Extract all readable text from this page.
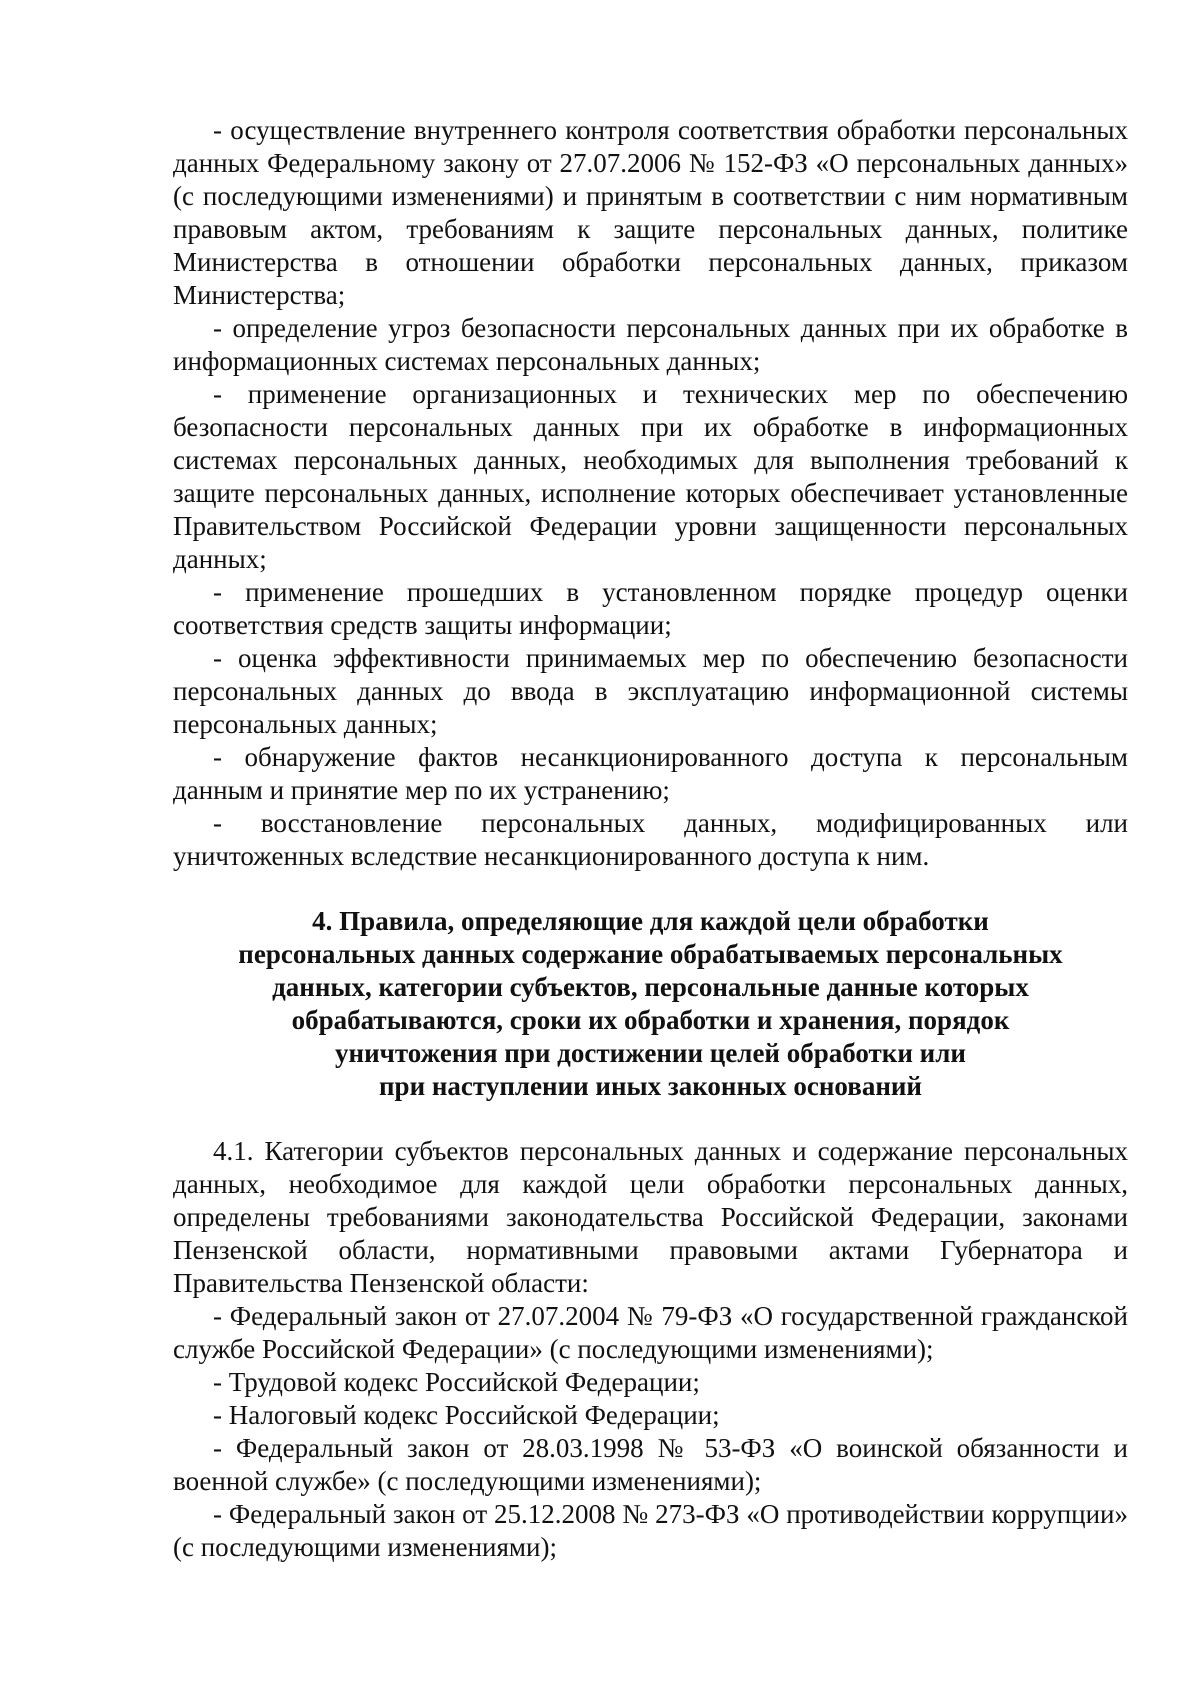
- осуществление внутреннего контроля соответствия обработки персональных данных Федеральному закону от 27.07.2006 № 152-ФЗ «О персональных данных» (с последующими изменениями) и принятым в соответствии с ним нормативным правовым актом, требованиям к защите персональных данных, политике Министерства в отношении обработки персональных данных, приказом Министерства;

- определение угроз безопасности персональных данных при их обработке в информационных системах персональных данных;

- применение организационных и технических мер по обеспечению безопасности персональных данных при их обработке в информационных системах персональных данных, необходимых для выполнения требований к защите персональных данных, исполнение которых обеспечивает установленные Правительством Российской Федерации уровни защищенности персональных данных;

- применение прошедших в установленном порядке процедур оценки соответствия средств защиты информации;

- оценка эффективности принимаемых мер по обеспечению безопасности персональных данных до ввода в эксплуатацию информационной системы персональных данных;

- обнаружение фактов несанкционированного доступа к персональным данным и принятие мер по их устранению;

- восстановление персональных данных, модифицированных или уничтоженных вследствие несанкционированного доступа к ним.

4. Правила, определяющие для каждой цели обработки
персональных данных содержание обрабатываемых персональных
данных, категории субъектов, персональные данные которых
обрабатываются, сроки их обработки и хранения, порядок
уничтожения при достижении целей обработки или
при наступлении иных законных оснований

4.1. Категории субъектов персональных данных и содержание персональных данных, необходимое для каждой цели обработки персональных данных, определены требованиями законодательства Российской Федерации, законами Пензенской области, нормативными правовыми актами Губернатора и Правительства Пензенской области:

- Федеральный закон от 27.07.2004 № 79-ФЗ «О государственной гражданской службе Российской Федерации» (с последующими изменениями);

- Трудовой кодекс Российской Федерации;

- Налоговый кодекс Российской Федерации;

- Федеральный закон от 28.03.1998 № 53-ФЗ «О воинской обязанности и военной службе» (с последующими изменениями);

- Федеральный закон от 25.12.2008 № 273-ФЗ «О противодействии коррупции» (с последующими изменениями);
